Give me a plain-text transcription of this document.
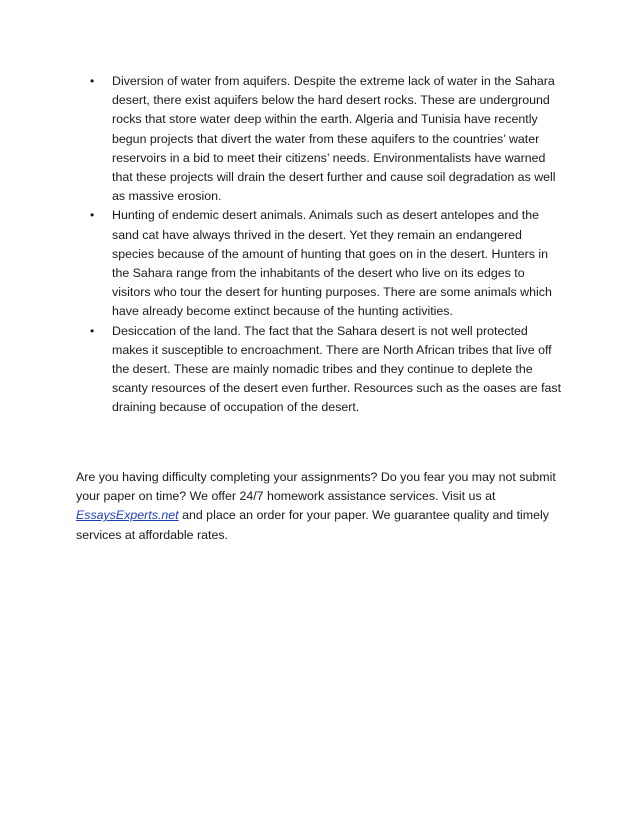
• Diversion of water from aquifers. Despite the extreme lack of water in the Sahara desert, there exist aquifers below the hard desert rocks. These are underground rocks that store water deep within the earth. Algeria and Tunisia have recently begun projects that divert the water from these aquifers to the countries’ water reservoirs in a bid to meet their citizens’ needs. Environmentalists have warned that these projects will drain the desert further and cause soil degradation as well as massive erosion.
• Hunting of endemic desert animals. Animals such as desert antelopes and the sand cat have always thrived in the desert. Yet they remain an endangered species because of the amount of hunting that goes on in the desert. Hunters in the Sahara range from the inhabitants of the desert who live on its edges to visitors who tour the desert for hunting purposes. There are some animals which have already become extinct because of the hunting activities.
• Desiccation of the land. The fact that the Sahara desert is not well protected makes it susceptible to encroachment. There are North African tribes that live off the desert. These are mainly nomadic tribes and they continue to deplete the scanty resources of the desert even further. Resources such as the oases are fast draining because of occupation of the desert.

Are you having difficulty completing your assignments? Do you fear you may not submit your paper on time? We offer 24/7 homework assistance services. Visit us at EssaysExperts.net and place an order for your paper. We guarantee quality and timely services at affordable rates.
